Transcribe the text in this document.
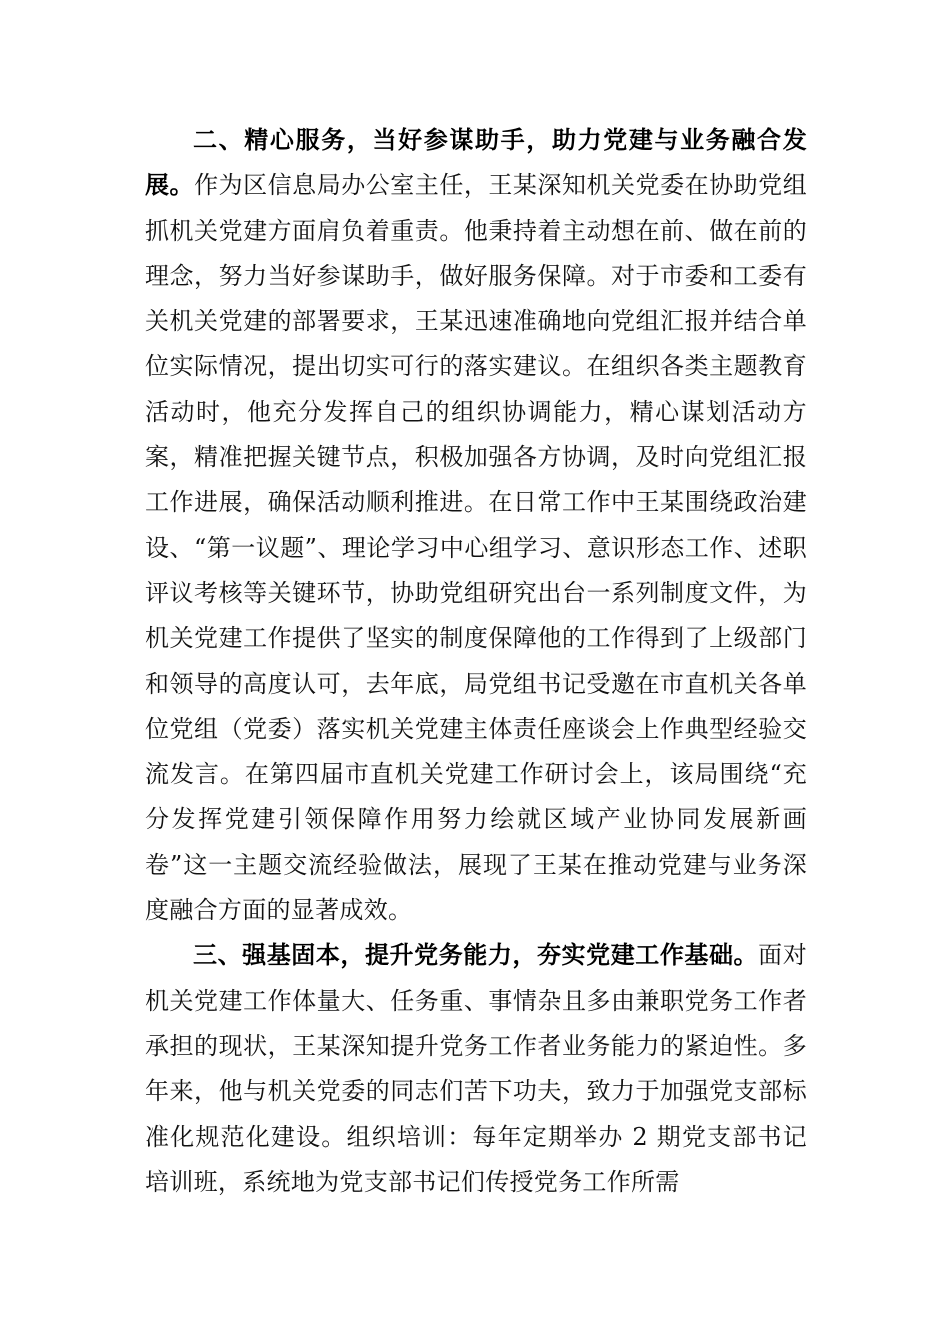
二、精心服务，当好参谋助手，助力党建与业务融合发展。作为区信息局办公室主任，王某深知机关党委在协助党组抓机关党建方面肩负着重责。他秉持着主动想在前、做在前的理念，努力当好参谋助手，做好服务保障。对于市委和工委有关机关党建的部署要求，王某迅速准确地向党组汇报并结合单位实际情况，提出切实可行的落实建议。在组织各类主题教育活动时，他充分发挥自己的组织协调能力，精心谋划活动方案，精准把握关键节点，积极加强各方协调，及时向党组汇报工作进展，确保活动顺利推进。在日常工作中王某围绕政治建设、“第一议题”、理论学习中心组学习、意识形态工作、述职评议考核等关键环节，协助党组研究出台一系列制度文件，为机关党建工作提供了坚实的制度保障他的工作得到了上级部门和领导的高度认可，去年底，局党组书记受邀在市直机关各单位党组（党委）落实机关党建主体责任座谈会上作典型经验交流发言。在第四届市直机关党建工作研讨会上，该局围绕“充分发挥党建引领保障作用努力绘就区域产业协同发展新画卷”这一主题交流经验做法，展现了王某在推动党建与业务深度融合方面的显著成效。

三、强基固本，提升党务能力，夯实党建工作基础。面对机关党建工作体量大、任务重、事情杂且多由兼职党务工作者承担的现状，王某深知提升党务工作者业务能力的紧迫性。多年来，他与机关党委的同志们苦下功夫，致力于加强党支部标准化规范化建设。组织培训：每年定期举办 2 期党支部书记培训班，系统地为党支部书记们传授党务工作所需
